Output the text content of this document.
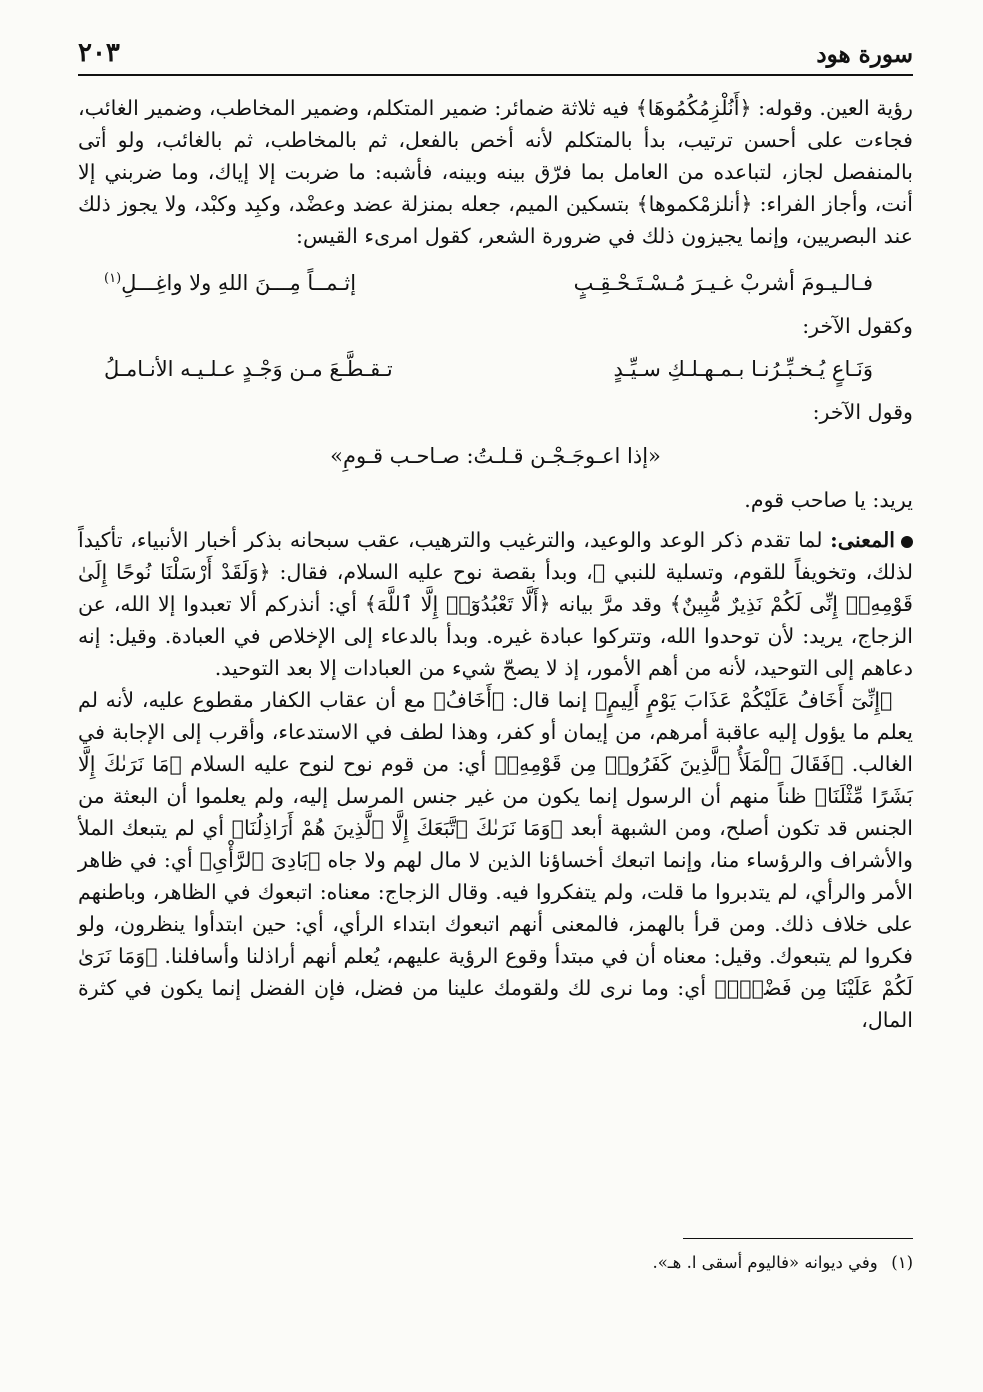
٢٠٣	سورة هود

رؤية العين. وقوله: ﴿أَنُلْزِمُكُمُوهَا﴾ فيه ثلاثة ضمائر: ضمير المتكلم، وضمير المخاطب، وضمير الغائب، فجاءت على أحسن ترتيب، بدأ بالمتكلم لأنه أخص بالفعل، ثم بالمخاطب، ثم بالغائب، ولو أتى بالمنفصل لجاز، لتباعده من العامل بما فرّق بينه وبينه، فأشبه: ما ضربت إلا إياك، وما ضربني إلا أنت، وأجاز الفراء: ﴿أنلزمْكموها﴾ بتسكين الميم، جعله بمنزلة عضد وعضْد، وكبِد وكبْد، ولا يجوز ذلك عند البصريين، وإنما يجيزون ذلك في ضرورة الشعر، كقول امرىء القيس:

فـالـيـومَ أشربْ غـيـرَ مُـسْـتَـحْـقِـبٍ
إثـمــاً مِـــنَ اللهِ ولا واغِـــلِ$^{(١)}$

وكقول الآخر:

وَنَـاعٍ يُـخـبِّـرُنـا بـمـهـلـكِ سـيِّـدٍ
تـقـطَّـعَ مـن وَجْـدٍ عـلـيـه الأنـامـلُ

وقول الآخر:

«إذا اعـوجَـجْـن قـلـتُ: صـاحـب قـومِ»

يريد: يا صاحب قوم.

المعنى: لما تقدم ذكر الوعد والوعيد، والترغيب والترهيب، عقب سبحانه بذكر أخبار الأنبياء، تأكيداً لذلك، وتخويفاً للقوم، وتسلية للنبي ﷺ، وبدأ بقصة نوح عليه السلام، فقال: ﴿وَلَقَدْ أَرْسَلْنَا نُوحًا إِلَىٰ قَوْمِهِۦٓ إِنِّى لَكُمْ نَذِيرٌ مُّبِينٌ﴾ وقد مرَّ بيانه ﴿أَلَّا تَعْبُدُوٓا۟ إِلَّا ٱللَّهَ﴾ أي: أنذركم ألا تعبدوا إلا الله، عن الزجاج، يريد: لأن توحدوا الله، وتتركوا عبادة غيره. وبدأ بالدعاء إلى الإخلاص في العبادة. وقيل: إنه دعاهم إلى التوحيد، لأنه من أهم الأمور، إذ لا يصحّ شيء من العبادات إلا بعد التوحيد.

 ﴿إِنِّىٓ أَخَافُ عَلَيْكُمْ عَذَابَ يَوْمٍ أَلِيمٍ﴾ إنما قال: ﴿أَخَافُ﴾ مع أن عقاب الكفار مقطوع عليه، لأنه لم يعلم ما يؤول إليه عاقبة أمرهم، من إيمان أو كفر، وهذا لطف في الاستدعاء، وأقرب إلى الإجابة في الغالب. ﴿فَقَالَ ٱلْمَلَأُ ٱلَّذِينَ كَفَرُوا۟ مِن قَوْمِهِۦ﴾ أي: من قوم نوح لنوح عليه السلام ﴿مَا نَرَىٰكَ إِلَّا بَشَرًا مِّثْلَنَا﴾ ظناً منهم أن الرسول إنما يكون من غير جنس المرسل إليه، ولم يعلموا أن البعثة من الجنس قد تكون أصلح، ومن الشبهة أبعد ﴿وَمَا نَرَىٰكَ ٱتَّبَعَكَ إِلَّا ٱلَّذِينَ هُمْ أَرَاذِلُنَا﴾ أي لم يتبعك الملأ والأشراف والرؤساء منا، وإنما اتبعك أخساؤنا الذين لا مال لهم ولا جاه ﴿بَادِىَ ٱلرَّأْىِ﴾ أي: في ظاهر الأمر والرأي، لم يتدبروا ما قلت، ولم يتفكروا فيه. وقال الزجاج: معناه: اتبعوك في الظاهر، وباطنهم على خلاف ذلك. ومن قرأ بالهمز، فالمعنى أنهم اتبعوك ابتداء الرأي، أي: حين ابتدأوا ينظرون، ولو فكروا لم يتبعوك. وقيل: معناه أن في مبتدأ وقوع الرؤية عليهم، يُعلم أنهم أراذلنا وأسافلنا. ﴿وَمَا نَرَىٰ لَكُمْ عَلَيْنَا مِن فَضْلٍۭ﴾ أي: وما نرى لك ولقومك علينا من فضل، فإن الفضل إنما يكون في كثرة المال،

(١)  وفي ديوانه «فاليوم أسقى ا. هـ».
